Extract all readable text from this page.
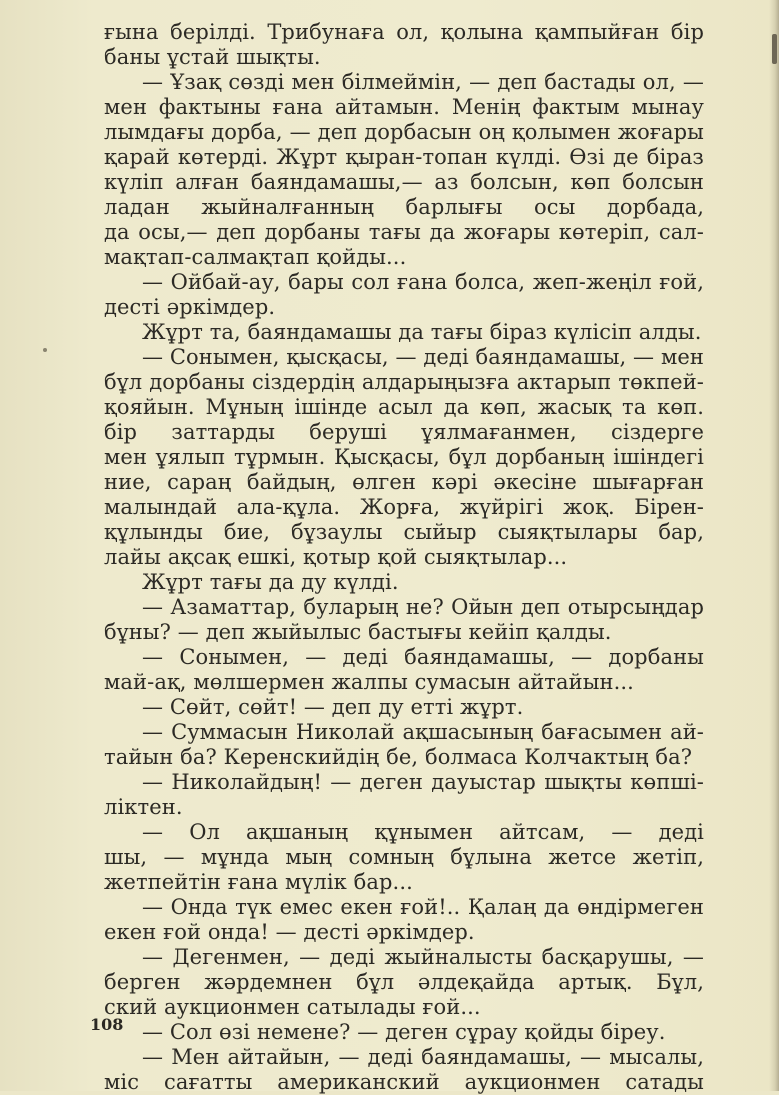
ғына берілді. Трибунаға ол, қолына қампыйған бір
баны ұстай шықты.
— Ұзақ сөзді мен білмеймін, — деп бастады ол, —
мен фактыны ғана айтамын. Менің фактым мынау
лымдағы дорба, — деп дорбасын оң қолымен жоғары
қарай көтерді. Жұрт қыран-топан күлді. Өзі де біраз
күліп алған баяндамашы,— аз болсын, көп болсын
ладан жыйналғанның барлығы осы дорбада,
да осы,— деп дорбаны тағы да жоғары көтеріп, сал-
мақтап-салмақтап қойды...
— Ойбай-ау, бары сол ғана болса, жеп-жеңіл ғой,
десті әркімдер.
Жұрт та, баяндамашы да тағы біраз күлісіп алды.
— Сонымен, қысқасы, — деді баяндамашы, — мен
бұл дорбаны сіздердің алдарыңызға актарып төкпей-
қояйын. Мұның ішінде асыл да көп, жасық та көп.
бір заттарды беруші ұялмағанмен, сіздерге
мен ұялып тұрмын. Қысқасы, бұл дорбаның ішіндегі
ние, сараң байдың, өлген кәрі әкесіне шығарған
малындай ала-құла. Жорға, жүйрігі жоқ. Бірен-
құлынды бие, бұзаулы сыйыр сыяқтылары бар,
лайы ақсақ ешкі, қотыр қой сыяқтылар...
Жұрт тағы да ду күлді.
— Азаматтар, буларың не? Ойын деп отырсыңдар
бұны? — деп жыйылыс бастығы кейіп қалды.
— Сонымен, — деді баяндамашы, — дорбаны
май-ақ, мөлшермен жалпы сумасын айтайын...
— Сөйт, сөйт! — деп ду етті жұрт.
— Суммасын Николай ақшасының бағасымен ай-
тайын ба? Керенскийдің бе, болмаса Колчактың ба?
— Николайдың! — деген дауыстар шықты көпші-
ліктен.
— Ол ақшаның құнымен айтсам, — деді
шы, — мұнда мың сомның бұлына жетсе жетіп,
жетпейтін ғана мүлік бар...
— Онда түк емес екен ғой!.. Қалаң да өндірмеген
екен ғой онда! — десті әркімдер.
— Дегенмен, — деді жыйналысты басқарушы, —
берген жәрдемнен бұл әлдеқайда артық. Бұл,
ский аукционмен сатылады ғой...
— Сол өзі немене? — деген сұрау қойды біреу.
— Мен айтайын, — деді баяндамашы, — мысалы,
міс сағатты американский аукционмен сатады
108
